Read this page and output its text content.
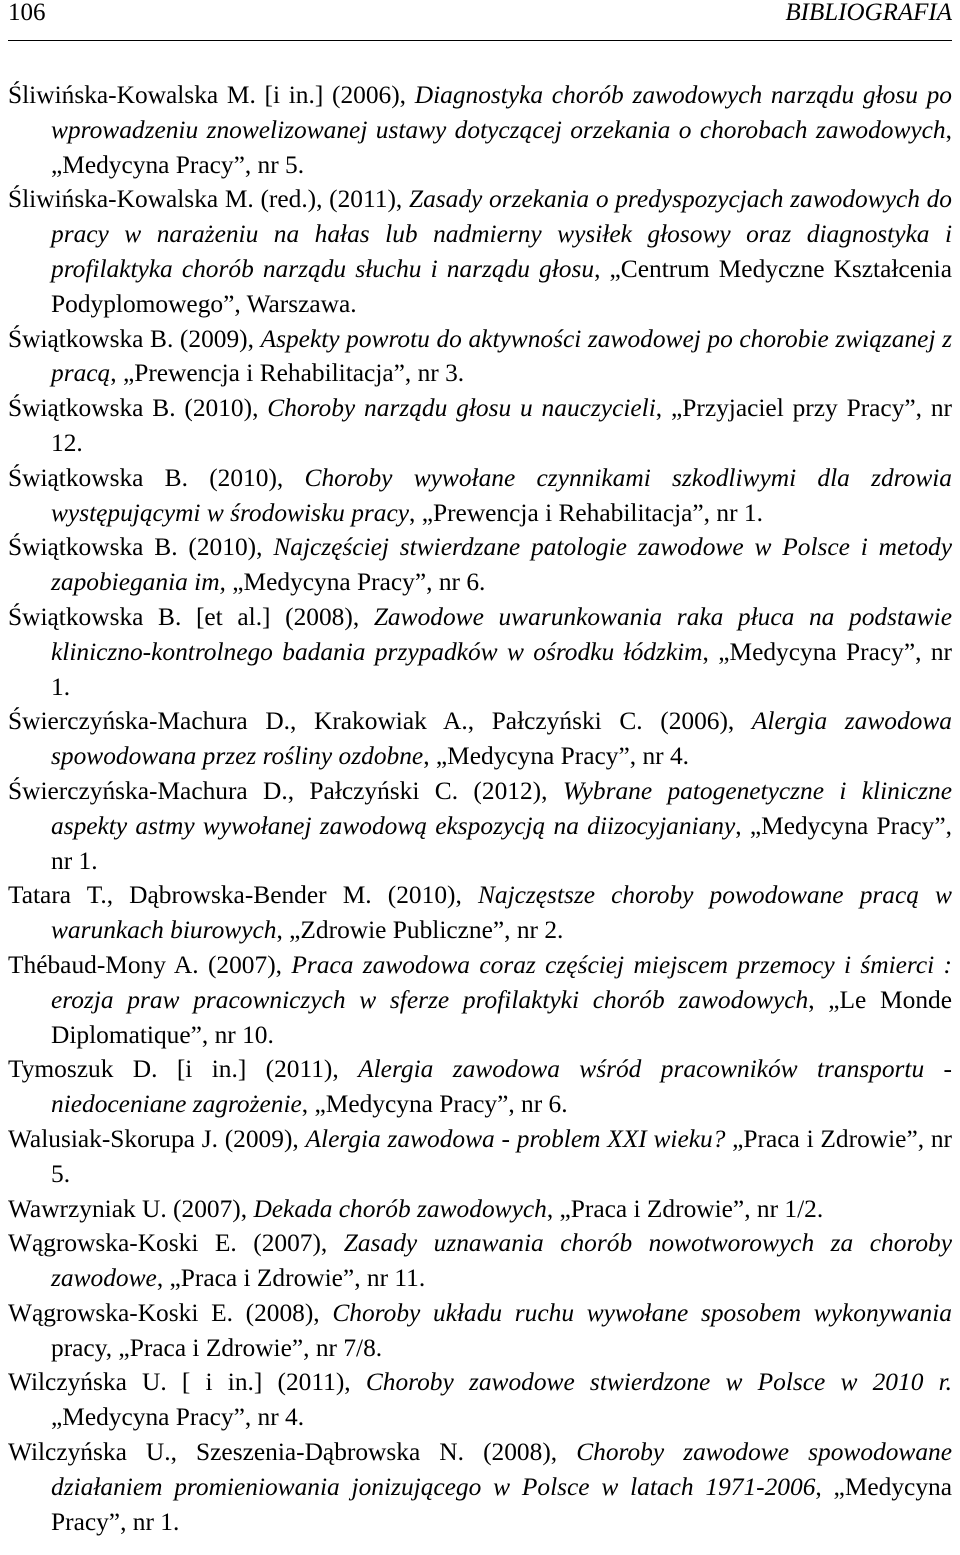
106	BIBLIOGRAFIA

Śliwińska-Kowalska M. [i in.] (2006), Diagnostyka chorób zawodowych narządu głosu po wprowadzeniu znowelizowanej ustawy dotyczącej orzekania o chorobach zawodowych, „Medycyna Pracy”, nr 5.

Śliwińska-Kowalska M. (red.), (2011), Zasady orzekania o predyspozycjach zawodowych do pracy w narażeniu na hałas lub nadmierny wysiłek głosowy oraz diagnostyka i profilaktyka chorób narządu słuchu i narządu głosu, „Centrum Medyczne Kształcenia Podyplomowego”, Warszawa.

Świątkowska B. (2009), Aspekty powrotu do aktywności zawodowej po chorobie związanej z pracą, „Prewencja i Rehabilitacja”, nr 3.

Świątkowska B. (2010), Choroby narządu głosu u nauczycieli, „Przyjaciel przy Pracy”, nr 12.

Świątkowska B. (2010), Choroby wywołane czynnikami szkodliwymi dla zdrowia występującymi w środowisku pracy, „Prewencja i Rehabilitacja”, nr 1.

Świątkowska B. (2010), Najczęściej stwierdzane patologie zawodowe w Polsce i metody zapobiegania im, „Medycyna Pracy”, nr 6.

Świątkowska B. [et al.] (2008), Zawodowe uwarunkowania raka płuca na podstawie kliniczno-kontrolnego badania przypadków w ośrodku łódzkim, „Medycyna Pracy”, nr 1.

Świerczyńska-Machura D., Krakowiak A., Pałczyński C. (2006), Alergia zawodowa spowodowana przez rośliny ozdobne, „Medycyna Pracy”, nr 4.

Świerczyńska-Machura D., Pałczyński C. (2012), Wybrane patogenetyczne i kliniczne aspekty astmy wywołanej zawodową ekspozycją na diizocyjaniany, „Medycyna Pracy”, nr 1.

Tatara T., Dąbrowska-Bender M. (2010), Najczęstsze choroby powodowane pracą w warunkach biurowych, „Zdrowie Publiczne”, nr 2.

Thébaud-Mony A. (2007), Praca zawodowa coraz częściej miejscem przemocy i śmierci : erozja praw pracowniczych w sferze profilaktyki chorób zawodowych, „Le Monde Diplomatique”, nr 10.

Tymoszuk D. [i in.] (2011), Alergia zawodowa wśród pracowników transportu - niedoceniane zagrożenie, „Medycyna Pracy”, nr 6.

Walusiak-Skorupa J. (2009), Alergia zawodowa - problem XXI wieku? „Praca i Zdrowie”, nr 5.

Wawrzyniak U. (2007), Dekada chorób zawodowych, „Praca i Zdrowie”, nr 1/2.

Wągrowska-Koski E. (2007), Zasady uznawania chorób nowotworowych za choroby zawodowe, „Praca i Zdrowie”, nr 11.

Wągrowska-Koski E. (2008), Choroby układu ruchu wywołane sposobem wykonywania pracy, „Praca i Zdrowie”, nr 7/8.

Wilczyńska U. [ i in.] (2011), Choroby zawodowe stwierdzone w Polsce w 2010 r. „Medycyna Pracy”, nr 4.

Wilczyńska U., Szeszenia-Dąbrowska N. (2008), Choroby zawodowe spowodowane działaniem promieniowania jonizującego w Polsce w latach 1971-2006, „Medycyna Pracy”, nr 1.
